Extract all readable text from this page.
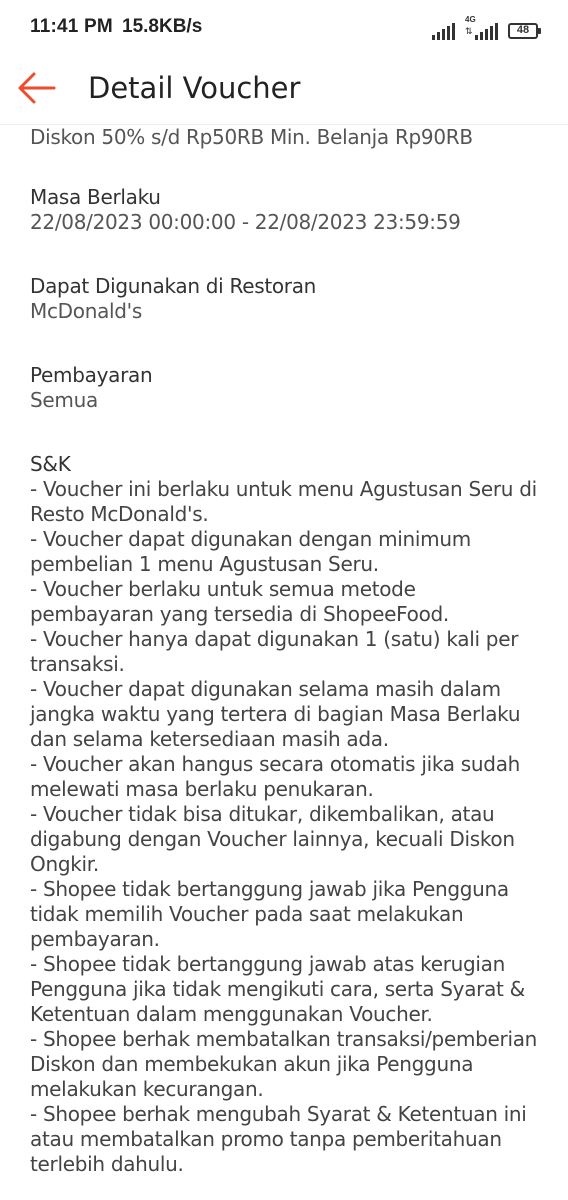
11:41 PM 15.8KB/s	4G
⇅	48
Detail Voucher
Diskon 50% s/d Rp50RB Min. Belanja Rp90RB
Masa Berlaku
22/08/2023 00:00:00 - 22/08/2023 23:59:59
Dapat Digunakan di Restoran
McDonald's
Pembayaran
Semua
S&K
- Voucher ini berlaku untuk menu Agustusan Seru di
Resto McDonald's.
- Voucher dapat digunakan dengan minimum
pembelian 1 menu Agustusan Seru.
- Voucher berlaku untuk semua metode
pembayaran yang tersedia di ShopeeFood.
- Voucher hanya dapat digunakan 1 (satu) kali per
transaksi.
- Voucher dapat digunakan selama masih dalam
jangka waktu yang tertera di bagian Masa Berlaku
dan selama ketersediaan masih ada.
- Voucher akan hangus secara otomatis jika sudah
melewati masa berlaku penukaran.
- Voucher tidak bisa ditukar, dikembalikan, atau
digabung dengan Voucher lainnya, kecuali Diskon
Ongkir.
- Shopee tidak bertanggung jawab jika Pengguna
tidak memilih Voucher pada saat melakukan
pembayaran.
- Shopee tidak bertanggung jawab atas kerugian
Pengguna jika tidak mengikuti cara, serta Syarat &
Ketentuan dalam menggunakan Voucher.
- Shopee berhak membatalkan transaksi/pemberian
Diskon dan membekukan akun jika Pengguna
melakukan kecurangan.
- Shopee berhak mengubah Syarat & Ketentuan ini
atau membatalkan promo tanpa pemberitahuan
terlebih dahulu.
